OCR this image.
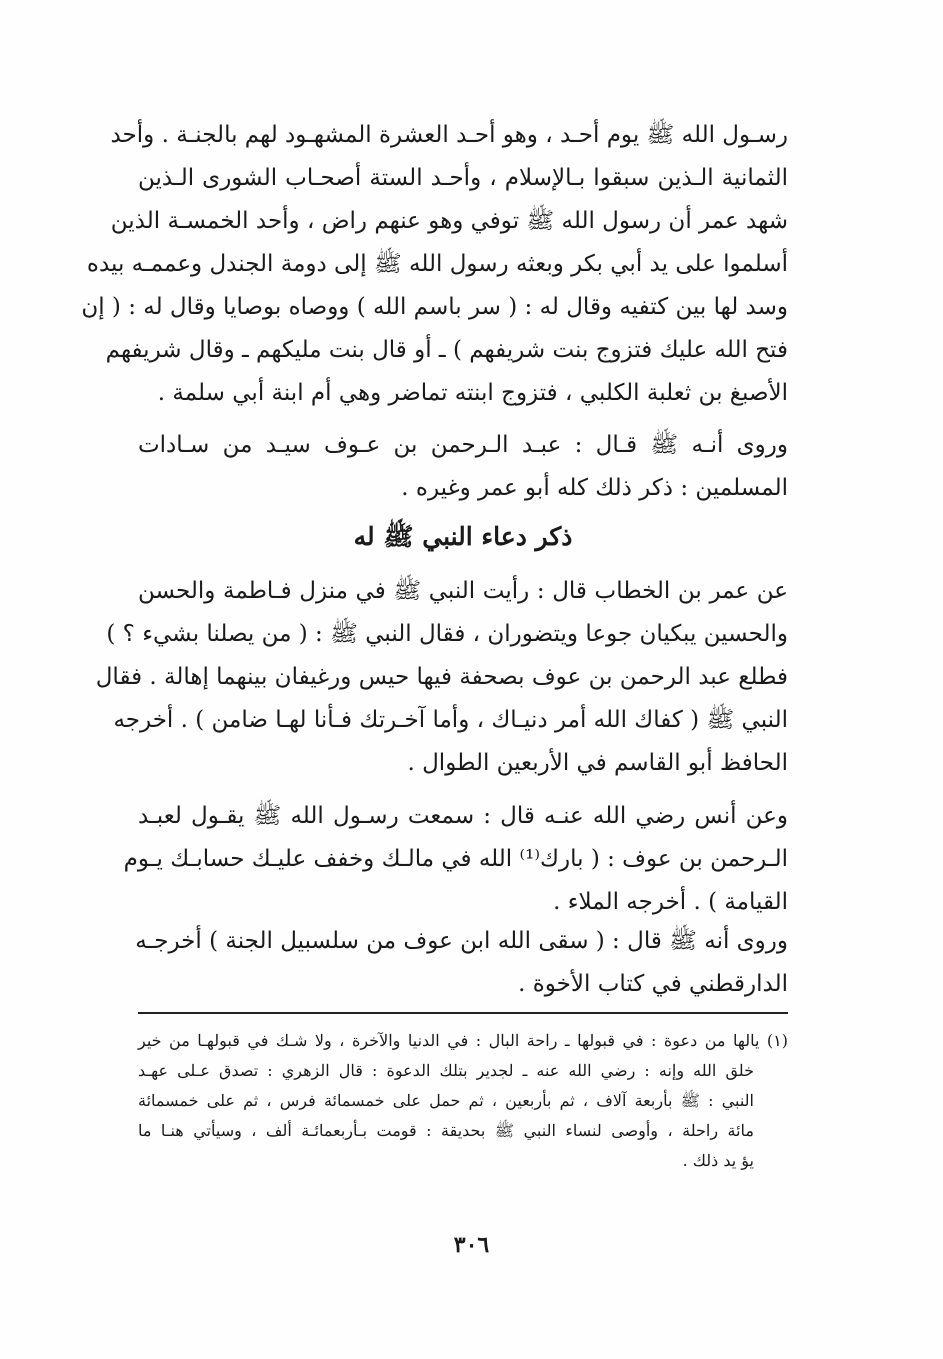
رسـول الله ﷺ يوم أحـد ، وهو أحـد العشرة المشهـود لهم بالجنـة . وأحد
الثمانية الـذين سبقوا بـالإسلام ، وأحـد الستة أصحـاب الشورى الـذين
شهد عمر أن رسول الله ﷺ توفي وهو عنهم راض ، وأحد الخمسـة الذين
أسلموا على يد أبي بكر وبعثه رسول الله ﷺ إلى دومة الجندل وعممـه بيده
وسد لها بين كتفيه وقال له : ( سر باسم الله ) ووصاه بوصايا وقال له : ( إن
فتح الله عليك فتزوج بنت شريفهم ) ـ أو قال بنت مليكهم ـ وقال شريفهم
الأصبغ بن ثعلبة الكلبي ، فتزوج ابنته تماضر وهي أم ابنة أبي سلمة .
وروى أنـه ﷺ قـال : عبـد الـرحمن بن عـوف سيـد من سـادات
المسلمين : ذكر ذلك كله أبو عمر وغيره .
ذكر دعاء النبي ﷺ له
عن عمر بن الخطاب قال : رأيت النبي ﷺ في منزل فـاطمة والحسن
والحسين يبكيان جوعا ويتضوران ، فقال النبي ﷺ : ( من يصلنا بشيء ؟ )
فطلع عبد الرحمن بن عوف بصحفة فيها حيس ورغيفان بينهما إهالة . فقال
النبي ﷺ ( كفاك الله أمر دنيـاك ، وأما آخـرتك فـأنا لهـا ضامن ) . أخرجه
الحافظ أبو القاسم في الأربعين الطوال .
وعن أنس رضي الله عنـه قال : سمعت رسـول الله ﷺ يقـول لعبـد
الـرحمن بن عوف : ( بارك⁽¹⁾ الله في مالـك وخفف عليـك حسابـك يـوم
القيامة ) . أخرجه الملاء .
وروى أنه ﷺ قال : ( سقى الله ابن عوف من سلسبيل الجنة ) أخرجـه
الدارقطني في كتاب الأخوة .
(١) يالها من دعوة : في قبولها ـ راحة البال : في الدنيا والآخرة ، ولا شـك في قبولهـا من خير
خلق الله وإنه : رضي الله عنه ـ لجدير بتلك الدعوة : قال الزهري : تصدق عـلى عهـد
النبي : ﷺ بأربعة آلاف ، ثم بأربعين ، ثم حمل على خمسمائة فرس ، ثم على خمسمائة
مائة راحلة ، وأوصى لنساء النبي ﷺ بحديقة : قومت بـأربعمائـة ألف ، وسيأتي هنـا ما
يؤ يد ذلك .
٣٠٦
